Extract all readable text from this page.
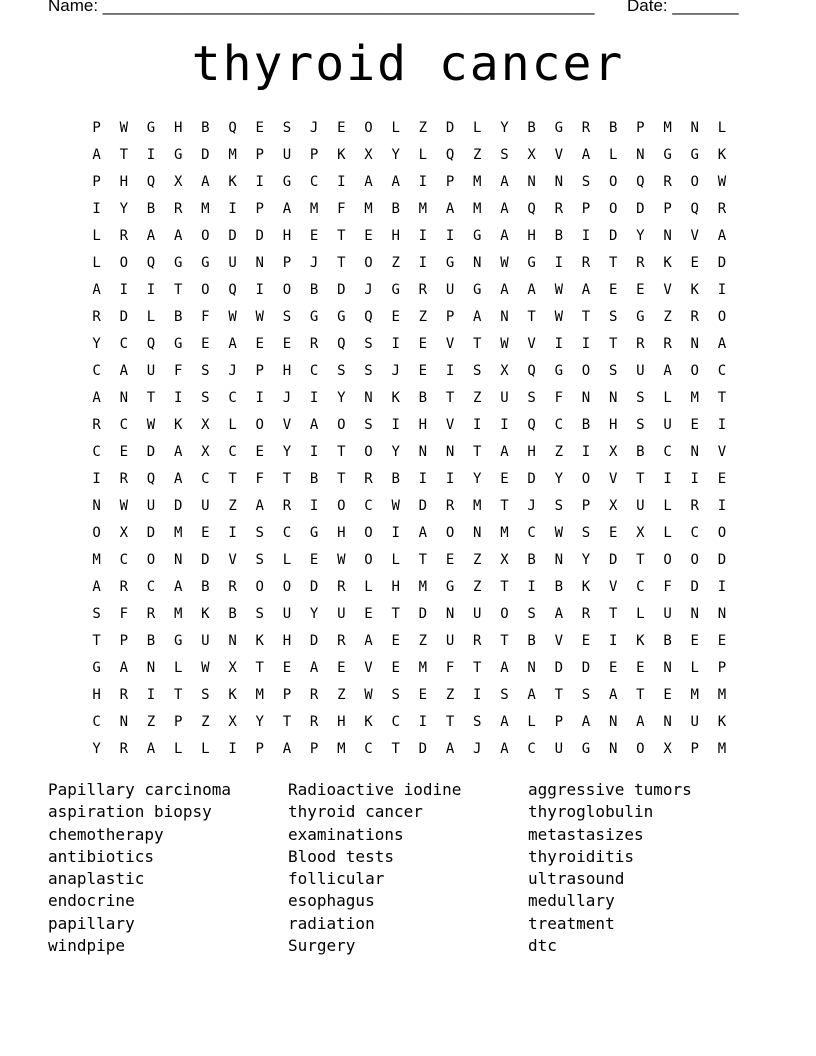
Name: ____________________________________________________ Date: _______
thyroid cancer
P	W	G	H	B	Q	E	S	J	E	O	L	Z	D	L	Y	B	G	R	B	P	M	N	L
A	T	I	G	D	M	P	U	P	K	X	Y	L	Q	Z	S	X	V	A	L	N	G	G	K
P	H	Q	X	A	K	I	G	C	I	A	A	I	P	M	A	N	N	S	O	Q	R	O	W
I	Y	B	R	M	I	P	A	M	F	M	B	M	A	M	A	Q	R	P	O	D	P	Q	R
L	R	A	A	O	D	D	H	E	T	E	H	I	I	G	A	H	B	I	D	Y	N	V	A
L	O	Q	G	G	U	N	P	J	T	O	Z	I	G	N	W	G	I	R	T	R	K	E	D
A	I	I	T	O	Q	I	O	B	D	J	G	R	U	G	A	A	W	A	E	E	V	K	I
R	D	L	B	F	W	W	S	G	G	Q	E	Z	P	A	N	T	W	T	S	G	Z	R	O
Y	C	Q	G	E	A	E	E	R	Q	S	I	E	V	T	W	V	I	I	T	R	R	N	A
C	A	U	F	S	J	P	H	C	S	S	J	E	I	S	X	Q	G	O	S	U	A	O	C
A	N	T	I	S	C	I	J	I	Y	N	K	B	T	Z	U	S	F	N	N	S	L	M	T
R	C	W	K	X	L	O	V	A	O	S	I	H	V	I	I	Q	C	B	H	S	U	E	I
C	E	D	A	X	C	E	Y	I	T	O	Y	N	N	T	A	H	Z	I	X	B	C	N	V
I	R	Q	A	C	T	F	T	B	T	R	B	I	I	Y	E	D	Y	O	V	T	I	I	E
N	W	U	D	U	Z	A	R	I	O	C	W	D	R	M	T	J	S	P	X	U	L	R	I
O	X	D	M	E	I	S	C	G	H	O	I	A	O	N	M	C	W	S	E	X	L	C	O
M	C	O	N	D	V	S	L	E	W	O	L	T	E	Z	X	B	N	Y	D	T	O	O	D
A	R	C	A	B	R	O	O	D	R	L	H	M	G	Z	T	I	B	K	V	C	F	D	I
S	F	R	M	K	B	S	U	Y	U	E	T	D	N	U	O	S	A	R	T	L	U	N	N
T	P	B	G	U	N	K	H	D	R	A	E	Z	U	R	T	B	V	E	I	K	B	E	E
G	A	N	L	W	X	T	E	A	E	V	E	M	F	T	A	N	D	D	E	E	N	L	P
H	R	I	T	S	K	M	P	R	Z	W	S	E	Z	I	S	A	T	S	A	T	E	M	M
C	N	Z	P	Z	X	Y	T	R	H	K	C	I	T	S	A	L	P	A	N	A	N	U	K
Y	R	A	L	L	I	P	A	P	M	C	T	D	A	J	A	C	U	G	N	O	X	P	M
Papillary carcinoma	Radioactive iodine	aggressive tumors
aspiration biopsy	thyroid cancer	thyroglobulin
chemotherapy	examinations	metastasizes
antibiotics	Blood tests	thyroiditis
anaplastic	follicular	ultrasound
endocrine	esophagus	medullary
papillary	radiation	treatment
windpipe	Surgery	dtc
